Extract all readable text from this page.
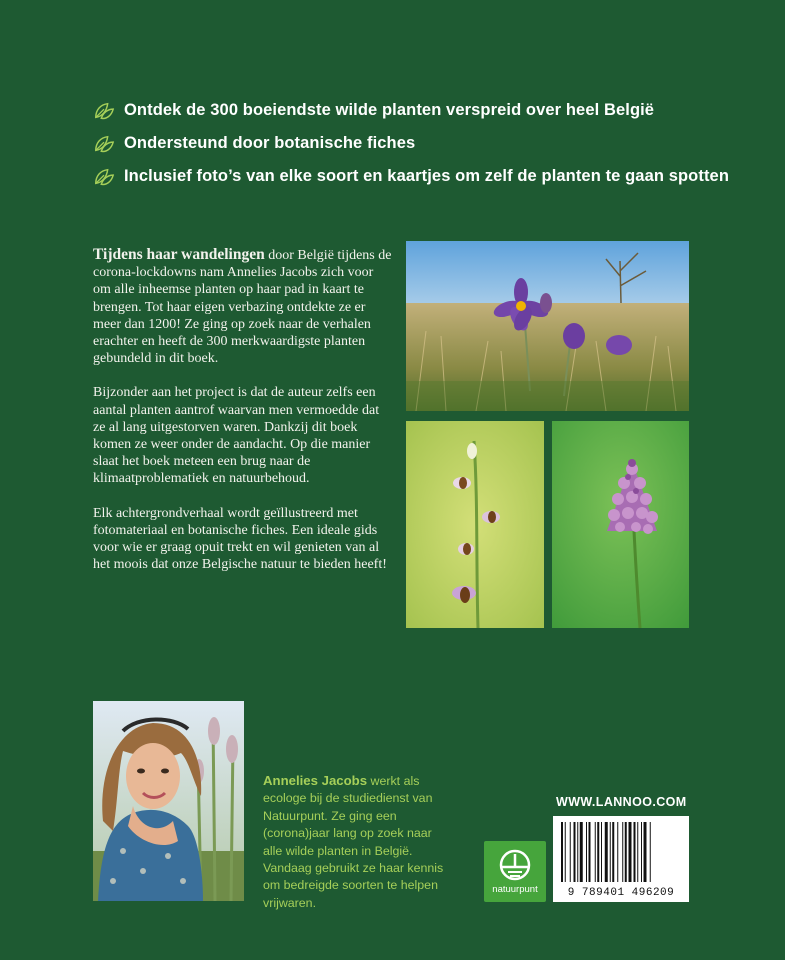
Ontdek de 300 boeiendste wilde planten verspreid over heel België
Ondersteund door botanische fiches
Inclusief foto’s van elke soort en kaartjes om zelf de planten te gaan spotten

Tijdens haar wandelingen door België tijdens de corona-lockdowns nam Annelies Jacobs zich voor om alle inheemse planten op haar pad in kaart te brengen. Tot haar eigen verbazing ontdekte ze er meer dan 1200! Ze ging op zoek naar de verhalen erachter en heeft de 300 merkwaardigste planten gebundeld in dit boek.

Bijzonder aan het project is dat de auteur zelfs een aantal planten aantrof waarvan men vermoedde dat ze al lang uitgestorven waren. Dankzij dit boek komen ze weer onder de aandacht. Op die manier slaat het boek meteen een brug naar de klimaatproblematiek en natuurbehoud.

Elk achtergrondverhaal wordt geïllustreerd met fotomateriaal en botanische fiches. Een ideale gids voor wie er graag opuit trekt en wil genieten van al het moois dat onze Belgische natuur te bieden heeft!

Annelies Jacobs werkt als ecologe bij de studiedienst van Natuurpunt. Ze ging een (corona)jaar lang op zoek naar alle wilde planten in België. Vandaag gebruikt ze haar kennis om bedreigde soorten te helpen vrijwaren.
WWW.LANNOO.COM
natuurpunt	9 789401 496209
